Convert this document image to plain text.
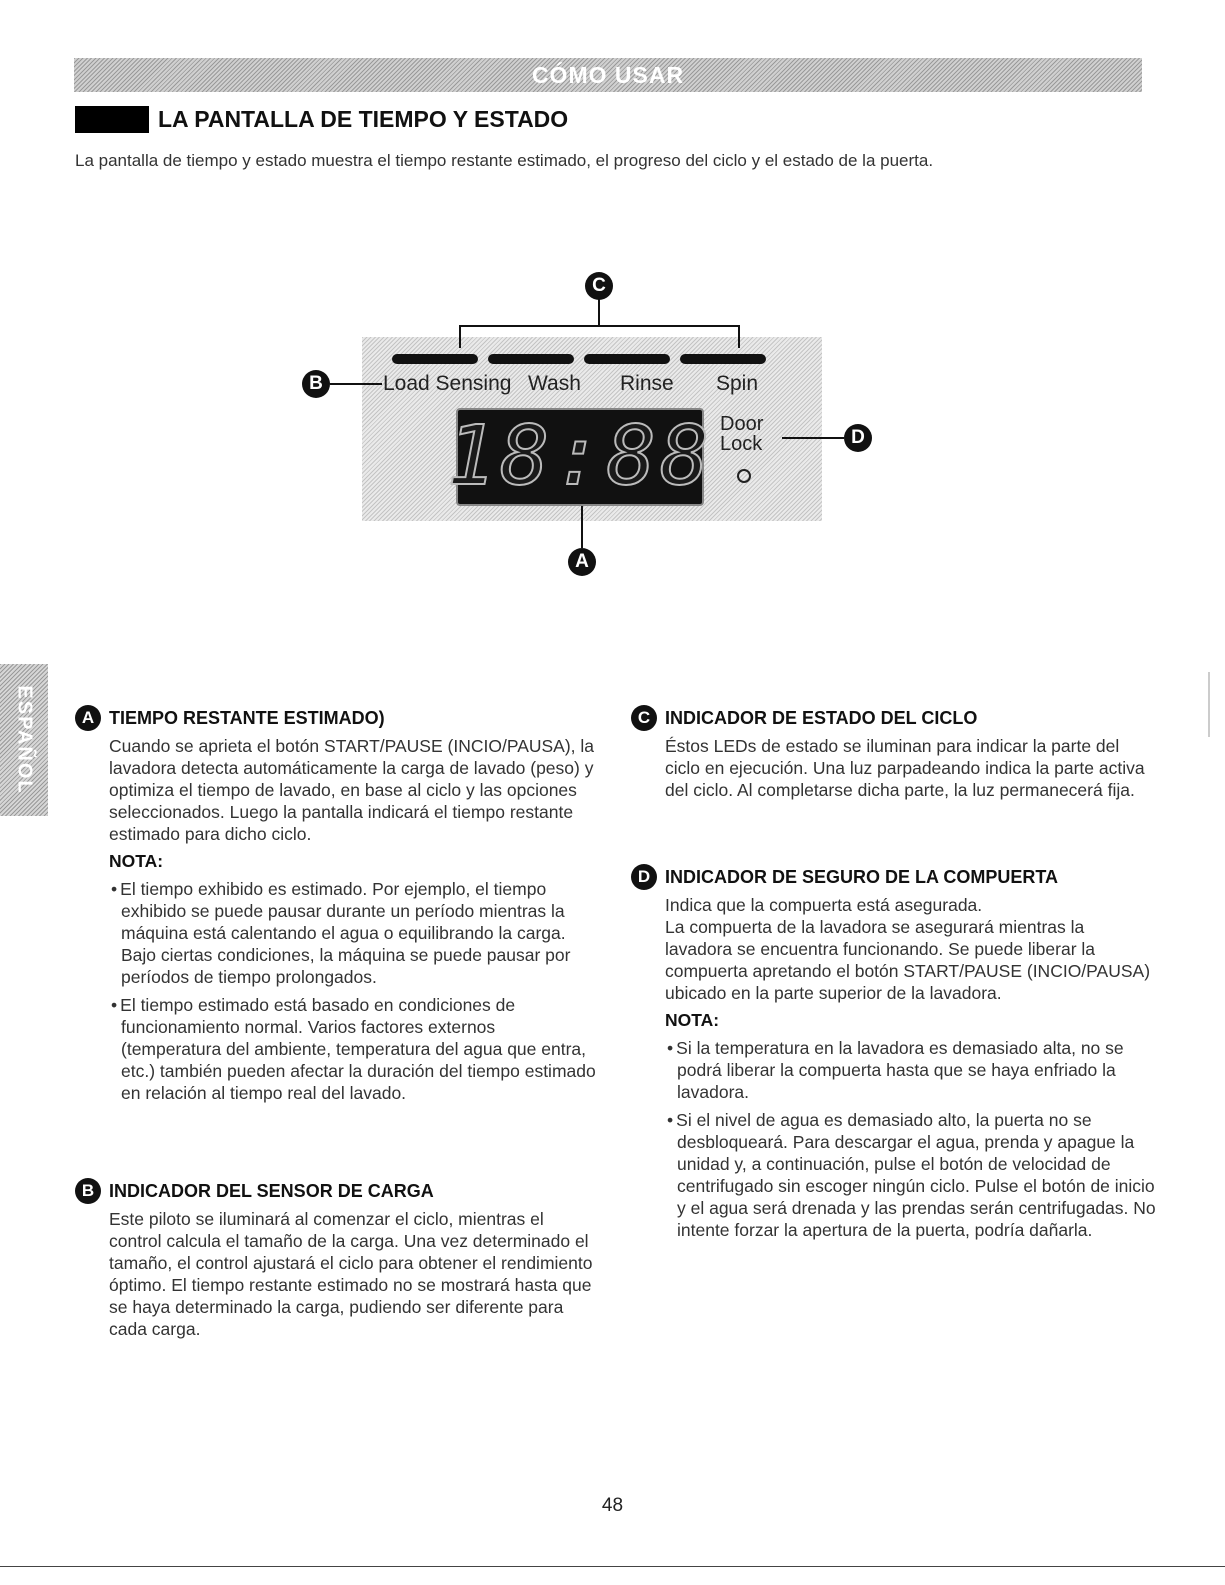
CÓMO USAR
LA PANTALLA DE TIEMPO Y ESTADO

La pantalla de tiempo y estado muestra el tiempo restante estimado, el progreso del ciclo y el estado de la puerta.

Load Sensing Wash Rinse Spin
18:88 Door
Lock
C
B
D
A
ESPAÑOL	A TIEMPO RESTANTE ESTIMADO)

Cuando se aprieta el botón START/PAUSE (INCIO/PAUSA), la lavadora detecta automáticamente la carga de lavado (peso) y optimiza el tiempo de lavado, en base al ciclo y las opciones seleccionados. Luego la pantalla indicará el tiempo restante estimado para dicho ciclo.

NOTA:

• El tiempo exhibido es estimado. Por ejemplo, el tiempo exhibido se puede pausar durante un período mientras la máquina está calentando el agua o equilibrando la carga. Bajo ciertas condiciones, la máquina se puede pausar por períodos de tiempo prolongados.
• El tiempo estimado está basado en condiciones de funcionamiento normal. Varios factores externos (temperatura del ambiente, temperatura del agua que entra, etc.) también pueden afectar la duración del tiempo estimado en relación al tiempo real del lavado.
B INDICADOR DEL SENSOR DE CARGA

Este piloto se iluminará al comenzar el ciclo, mientras el control calcula el tamaño de la carga. Una vez determinado el tamaño, el control ajustará el ciclo para obtener el rendimiento óptimo. El tiempo restante estimado no se mostrará hasta que se haya determinado la carga, pudiendo ser diferente para cada carga.

C INDICADOR DE ESTADO DEL CICLO

Éstos LEDs de estado se iluminan para indicar la parte del ciclo en ejecución. Una luz parpadeando indica la parte activa del ciclo. Al completarse dicha parte, la luz permanecerá fija.

D INDICADOR DE SEGURO DE LA COMPUERTA

Indica que la compuerta está asegurada.

La compuerta de la lavadora se asegurará mientras la lavadora se encuentra funcionando. Se puede liberar la compuerta apretando el botón START/PAUSE (INCIO/PAUSA) ubicado en la parte superior de la lavadora.

NOTA:

• Si la temperatura en la lavadora es demasiado alta, no se podrá liberar la compuerta hasta que se haya enfriado la lavadora.
• Si el nivel de agua es demasiado alto, la puerta no se desbloqueará. Para descargar el agua, prenda y apague la unidad y, a continuación, pulse el botón de velocidad de centrifugado sin escoger ningún ciclo. Pulse el botón de inicio y el agua será drenada y las prendas serán centrifugadas. No intente forzar la apertura de la puerta, podría dañarla.
48
